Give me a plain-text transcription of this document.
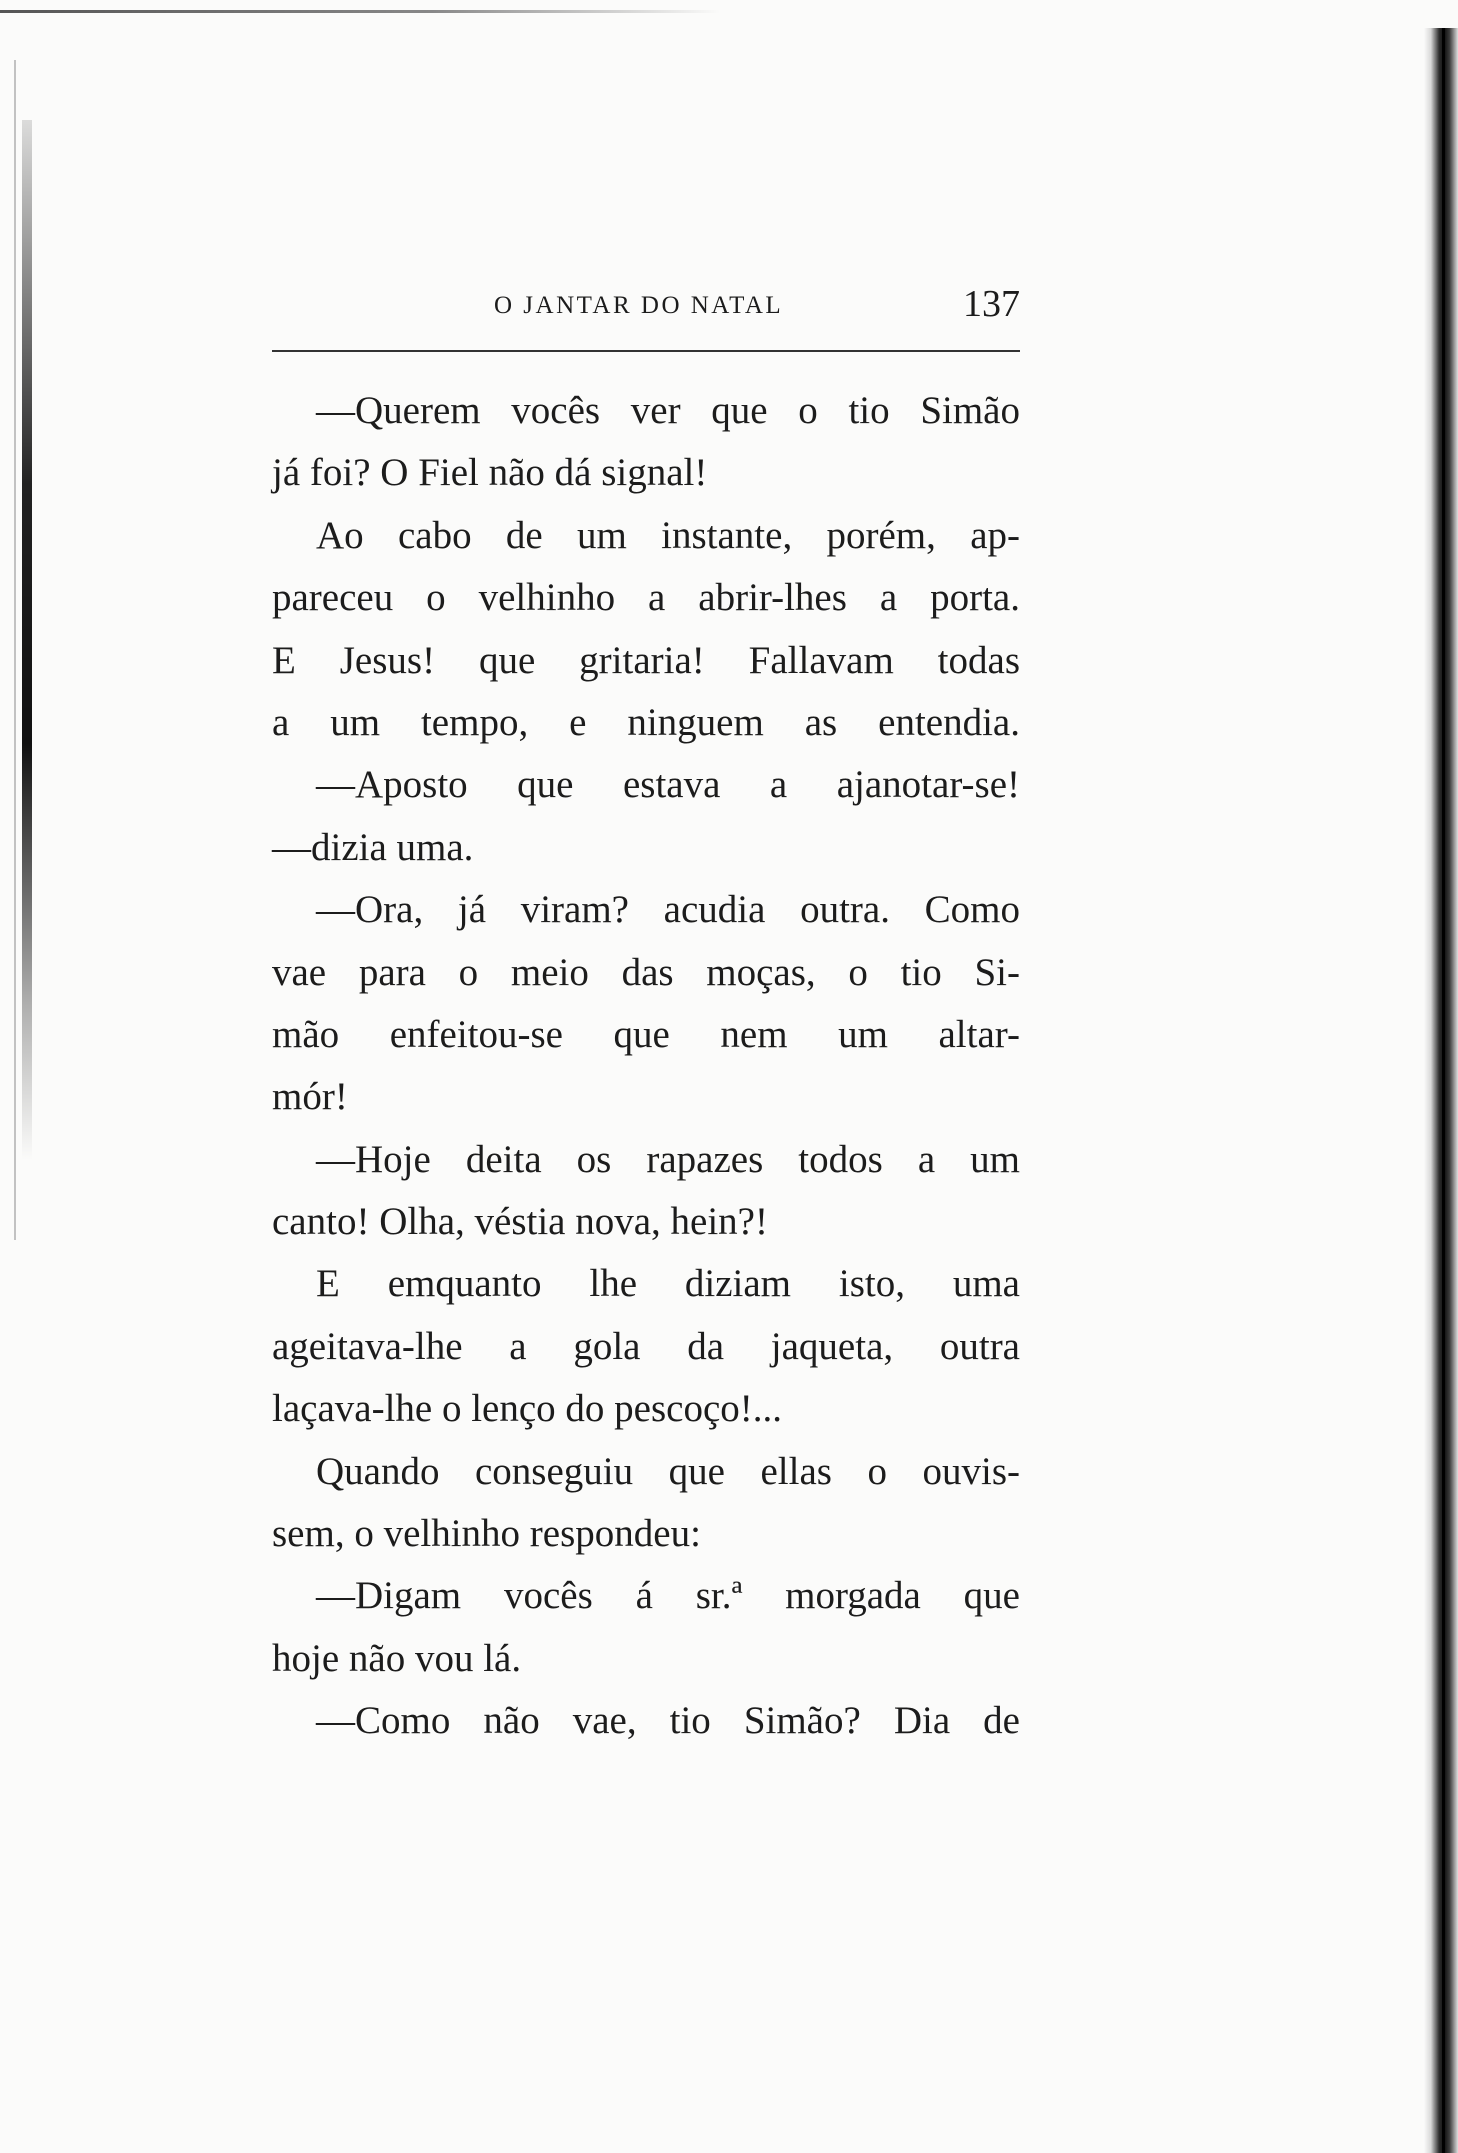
O JANTAR DO NATAL	137
—Querem vocês ver que o tio Simão
já foi? O Fiel não dá signal!
Ao cabo de um instante, porém, ap-
pareceu o velhinho a abrir-lhes a porta.
E Jesus! que gritaria! Fallavam todas
a um tempo, e ninguem as entendia.
—Aposto que estava a ajanotar-se!
—dizia uma.
—Ora, já viram? acudia outra. Como
vae para o meio das moças, o tio Si-
mão enfeitou-se que nem um altar-
mór!
—Hoje deita os rapazes todos a um
canto! Olha, véstia nova, hein?!
E emquanto lhe diziam isto, uma
ageitava-lhe a gola da jaqueta, outra
laçava-lhe o lenço do pescoço!...
Quando conseguiu que ellas o ouvis-
sem, o velhinho respondeu:
—Digam vocês á sr.ª morgada que
hoje não vou lá.
—Como não vae, tio Simão? Dia de
